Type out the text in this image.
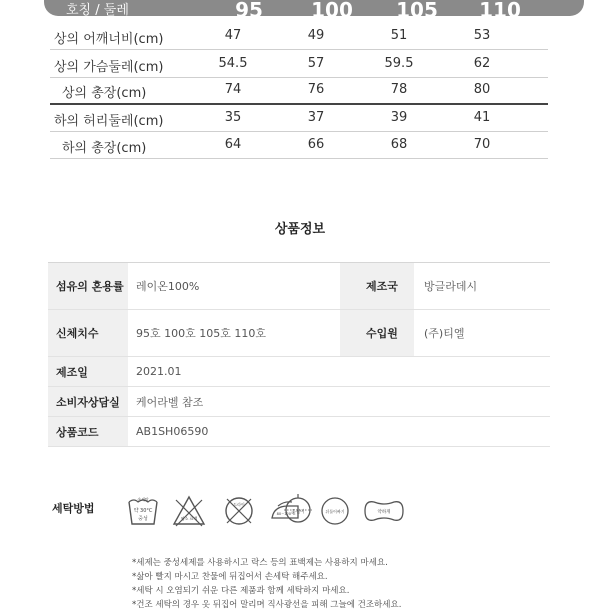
호칭 / 둘레	95	100	105	110
상의 어깨너비(cm)	47	49	51	53
상의 가슴둘레(cm)	54.5	57	59.5	62
상의 총장(cm)	74	76	78	80
하의 허리둘레(cm)	35	37	39	41
하의 총장(cm)	64	66	68	70
상품정보
섬유의 혼용률	레이온100%	제조국	방글라데시
신체치수	95호 100호 105호 110호	수입원	(주)티엘
제조일	2021.01
소비자상담실	케어라벨 참조
상품코드	AB1SH06590
세탁방법
손세탁
약 30°C
중성	염소 표백
드라이
80~120°C
웃걸이	뒤틀어짜기	약하게
*세제는 중성세제를 사용하시고 락스 등의 표백제는 사용하지 마세요.
*삶아 빨지 마시고 찬물에 뒤집어서 손세탁 해주세요.
*세탁 시 오염되기 쉬운 다른 제품과 함께 세탁하지 마세요.
*건조 세탁의 경우 옷 뒤집어 말리며 직사광선을 피해 그늘에 건조하세요.
